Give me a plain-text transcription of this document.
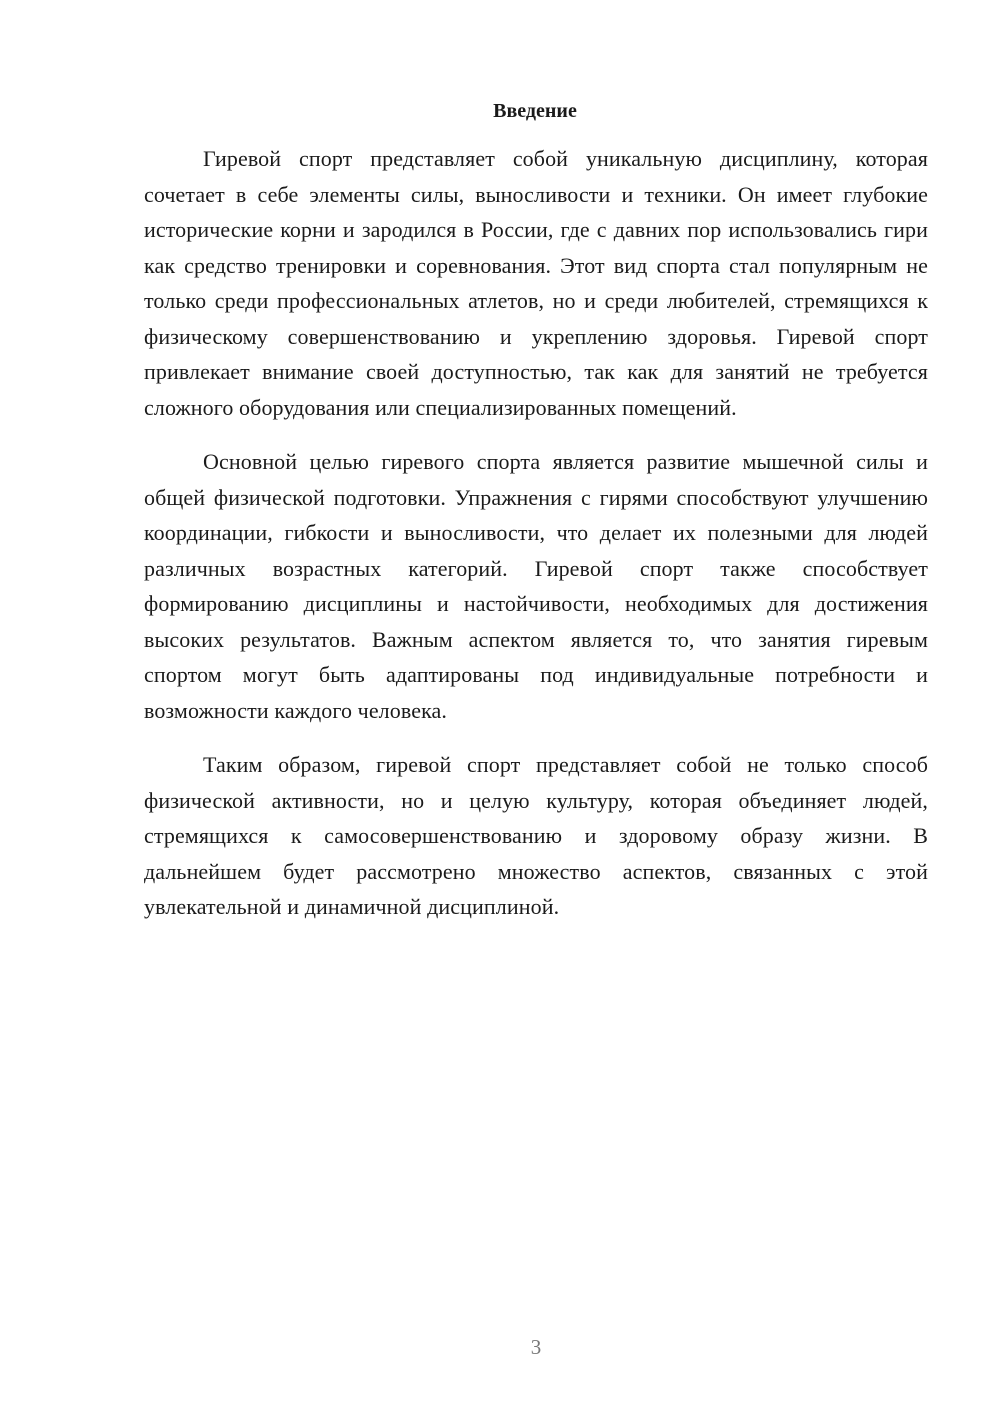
Введение

Гиревой спорт представляет собой уникальную дисциплину, которая сочетает в себе элементы силы, выносливости и техники. Он имеет глубокие исторические корни и зародился в России, где с давних пор использовались гири как средство тренировки и соревнования. Этот вид спорта стал популярным не только среди профессиональных атлетов, но и среди любителей, стремящихся к физическому совершенствованию и укреплению здоровья. Гиревой спорт привлекает внимание своей доступностью, так как для занятий не требуется сложного оборудования или специализированных помещений.

Основной целью гиревого спорта является развитие мышечной силы и общей физической подготовки. Упражнения с гирями способствуют улучшению координации, гибкости и выносливости, что делает их полезными для людей различных возрастных категорий. Гиревой спорт также способствует формированию дисциплины и настойчивости, необходимых для достижения высоких результатов. Важным аспектом является то, что занятия гиревым спортом могут быть адаптированы под индивидуальные потребности и возможности каждого человека.

Таким образом, гиревой спорт представляет собой не только способ физической активности, но и целую культуру, которая объединяет людей, стремящихся к самосовершенствованию и здоровому образу жизни. В дальнейшем будет рассмотрено множество аспектов, связанных с этой увлекательной и динамичной дисциплиной.

3
